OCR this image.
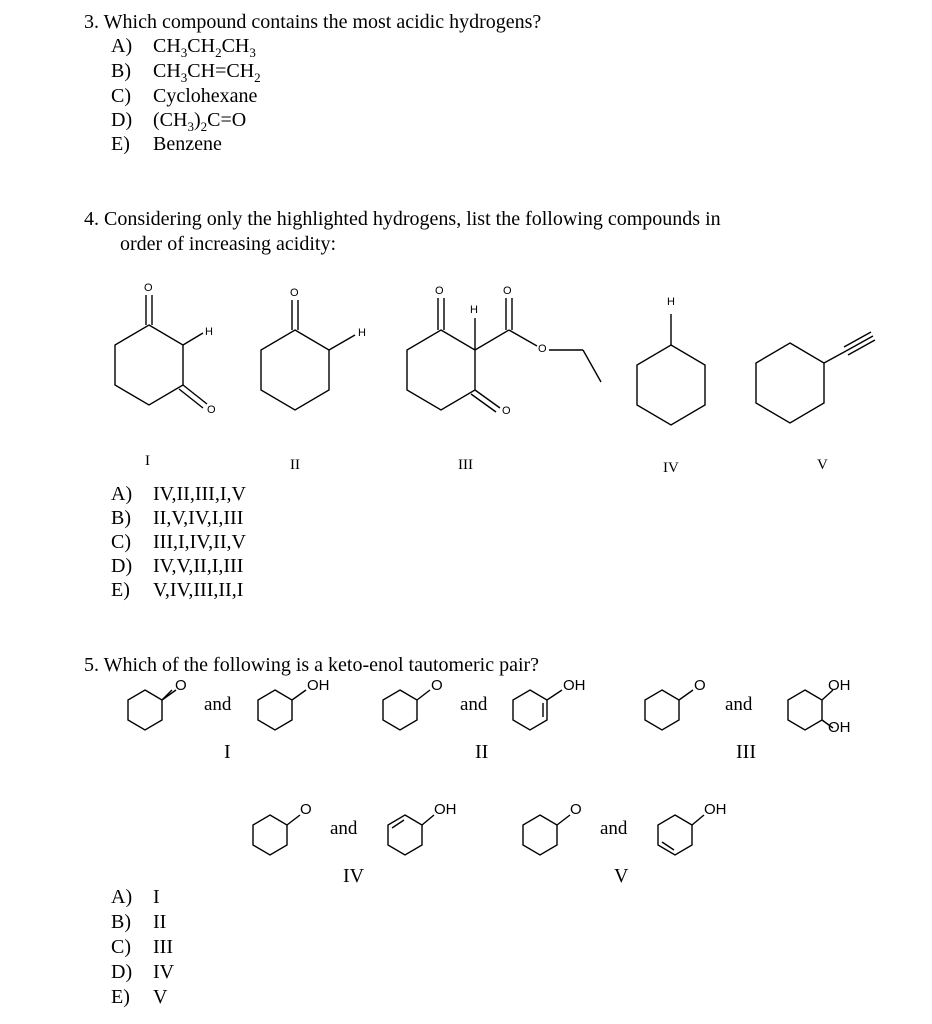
3. Which compound contains the most acidic hydrogens?
A) $CH_3CH_2CH_3$
B) $CH_3CH=CH_2$
C) Cyclohexane
D) $(CH_3)_2C=O$
E) Benzene
4. Considering only the highlighted hydrogens, list the following compounds in
order of increasing acidity:
O
H
O
O
H
O
H
O
O
O
H
I	II	III	IV	V
A) IV,II,III,I,V
B) II,V,IV,I,III
C) III,I,IV,II,V
D) IV,V,II,I,III
E) V,IV,III,II,I
5. Which of the following is a keto-enol tautomeric pair?
O	OH	O	OH	O	OH
OH
O	OH	O	OH
and	and	and
and	and
I	II	III
IV	V
A) I
B) II
C) III
D) IV
E) V
